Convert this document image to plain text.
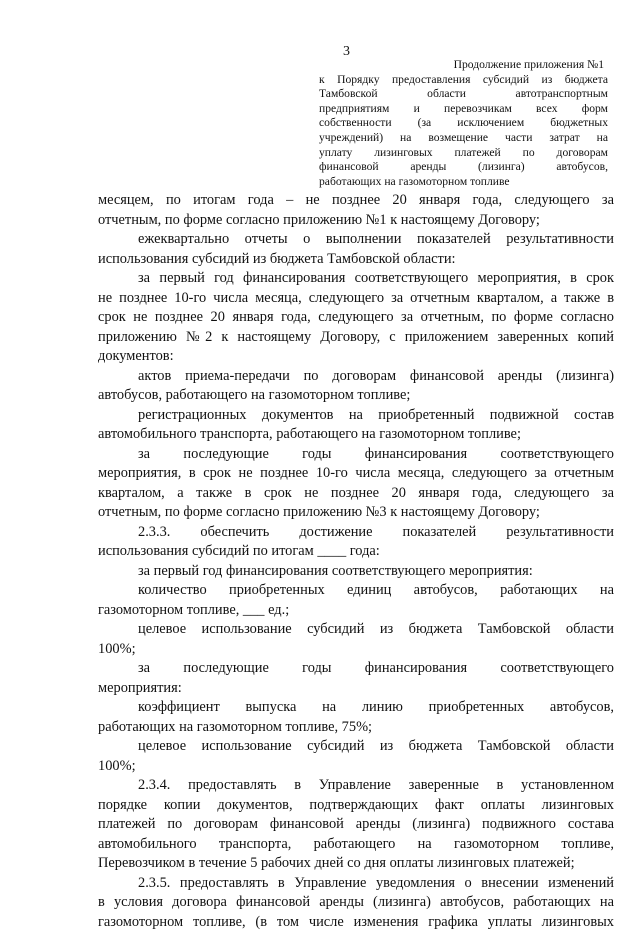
3
Продолжение приложения №1
к Порядку предоставления субсидий из бюджета
Тамбовской области автотранспортным
предприятиям и перевозчикам всех форм
собственности (за исключением бюджетных
учреждений) на возмещение части затрат на
уплату лизинговых платежей по договорам
финансовой аренды (лизинга) автобусов,
работающих на газомоторном топливе

месяцем, по итогам года – не позднее 20 января года, следующего за
отчетным, по форме согласно приложению №1 к настоящему Договору;

ежеквартально отчеты о выполнении показателей результативности
использования субсидий из бюджета Тамбовской области:

за первый год финансирования соответствующего мероприятия, в срок
не позднее 10-го числа месяца, следующего за отчетным кварталом, а также в
срок не позднее 20 января года, следующего за отчетным, по форме согласно
приложению №2 к настоящему Договору, с приложением заверенных копий
документов:

актов приема-передачи по договорам финансовой аренды (лизинга)
автобусов, работающего на газомоторном топливе;

регистрационных документов на приобретенный подвижной состав
автомобильного транспорта, работающего на газомоторном топливе;

за последующие годы финансирования соответствующего
мероприятия, в срок не позднее 10-го числа месяца, следующего за отчетным
кварталом, а также в срок не позднее 20 января года, следующего за
отчетным, по форме согласно приложению №3 к настоящему Договору;

2.3.3. обеспечить достижение показателей результативности
использования субсидий по итогам ____ года:

за первый год финансирования соответствующего мероприятия:

количество приобретенных единиц автобусов, работающих на
газомоторном топливе, ___ ед.;

целевое использование субсидий из бюджета Тамбовской области
100%;

за последующие годы финансирования соответствующего
мероприятия:

коэффициент выпуска на линию приобретенных автобусов,
работающих на газомоторном топливе, 75%;

целевое использование субсидий из бюджета Тамбовской области
100%;

2.3.4. предоставлять в Управление заверенные в установленном
порядке копии документов, подтверждающих факт оплаты лизинговых
платежей по договорам финансовой аренды (лизинга) подвижного состава
автомобильного транспорта, работающего на газомоторном топливе,
Перевозчиком в течение 5 рабочих дней со дня оплаты лизинговых платежей;

2.3.5. предоставлять в Управление уведомления о внесении изменений
в условия договора финансовой аренды (лизинга) автобусов, работающих на
газомоторном топливе, (в том числе изменения графика уплаты лизинговых
